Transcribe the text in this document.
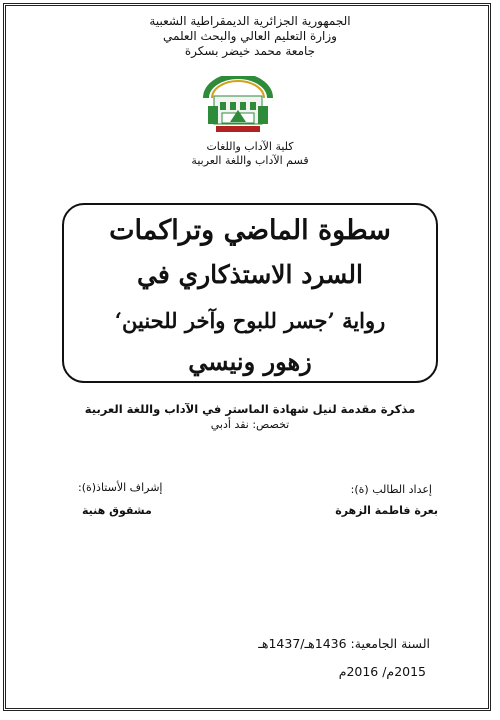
الجمهورية الجزائرية الديمقراطية الشعبية
وزارة التعليم العالي والبحث العلمي
جامعة محمد خيضر بسكرة
كلية الآداب واللغات
قسم الآداب واللغة العربية
سطوة الماضي وتراكمات
السرد الاستذكاري في
رواية ’جسر للبوح وآخر للحنين‘
زهور ونيسي
مذكرة مقدمة لنيل شهادة الماستر في الآداب واللغة العربية
تخصص: نقد أدبي
إعداد الطالب (ة):
بعرة فاطمة الزهرة
إشراف الأستاذ(ة):
مشقوق هنية
السنة الجامعية: 1436هـ/1437هـ
2015م/ 2016م
